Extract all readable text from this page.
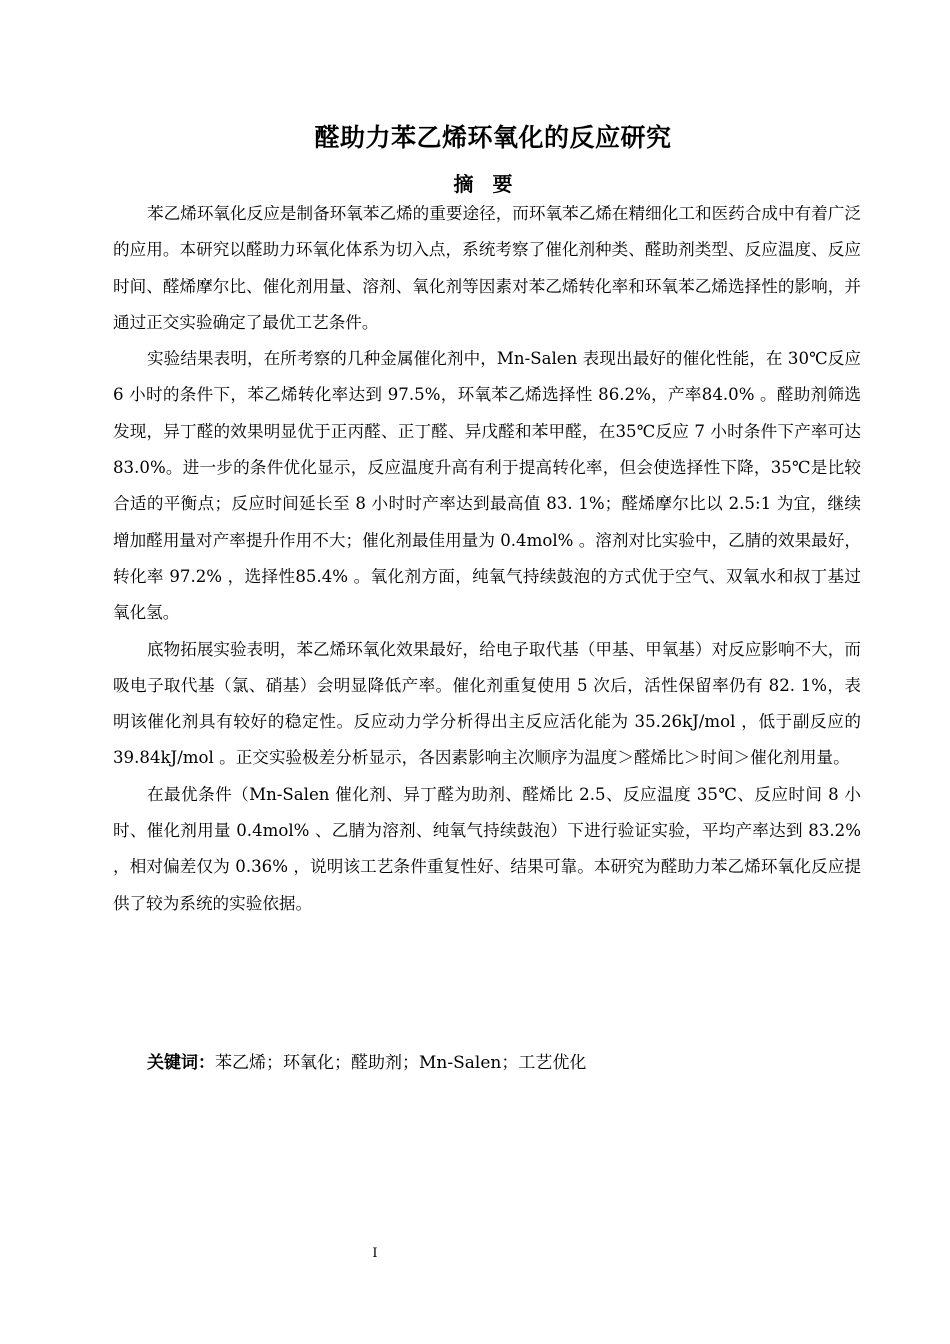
醛助力苯乙烯环氧化的反应研究
摘 要

苯乙烯环氧化反应是制备环氧苯乙烯的重要途径，而环氧苯乙烯在精细化工和医药合成中有着广泛的应用。本研究以醛助力环氧化体系为切入点，系统考察了催化剂种类、醛助剂类型、反应温度、反应时间、醛烯摩尔比、催化剂用量、溶剂、氧化剂等因素对苯乙烯转化率和环氧苯乙烯选择性的影响，并通过正交实验确定了最优工艺条件。

实验结果表明，在所考察的几种金属催化剂中，Mn-Salen 表现出最好的催化性能，在 30℃反应 6 小时的条件下，苯乙烯转化率达到 97.5%，环氧苯乙烯选择性 86.2%，产率84.0% 。醛助剂筛选发现，异丁醛的效果明显优于正丙醛、正丁醛、异戊醛和苯甲醛，在35℃反应 7 小时条件下产率可达 83.0%。进一步的条件优化显示，反应温度升高有利于提高转化率，但会使选择性下降，35℃是比较合适的平衡点；反应时间延长至 8 小时时产率达到最高值 83. 1%；醛烯摩尔比以 2.5:1 为宜，继续增加醛用量对产率提升作用不大；催化剂最佳用量为 0.4mol% 。溶剂对比实验中，乙腈的效果最好，转化率 97.2% ，选择性85.4% 。氧化剂方面，纯氧气持续鼓泡的方式优于空气、双氧水和叔丁基过氧化氢。

底物拓展实验表明，苯乙烯环氧化效果最好，给电子取代基（甲基、甲氧基）对反应影响不大，而吸电子取代基（氯、硝基）会明显降低产率。催化剂重复使用 5 次后，活性保留率仍有 82. 1%，表明该催化剂具有较好的稳定性。反应动力学分析得出主反应活化能为 35.26kJ/mol ，低于副反应的 39.84kJ/mol 。正交实验极差分析显示，各因素影响主次顺序为温度＞醛烯比＞时间＞催化剂用量。

在最优条件（Mn-Salen 催化剂、异丁醛为助剂、醛烯比 2.5、反应温度 35℃、反应时间 8 小时、催化剂用量 0.4mol% 、乙腈为溶剂、纯氧气持续鼓泡）下进行验证实验，平均产率达到 83.2% ，相对偏差仅为 0.36% ，说明该工艺条件重复性好、结果可靠。本研究为醛助力苯乙烯环氧化反应提供了较为系统的实验依据。

关键词：苯乙烯；环氧化；醛助剂；Mn-Salen；工艺优化
I
